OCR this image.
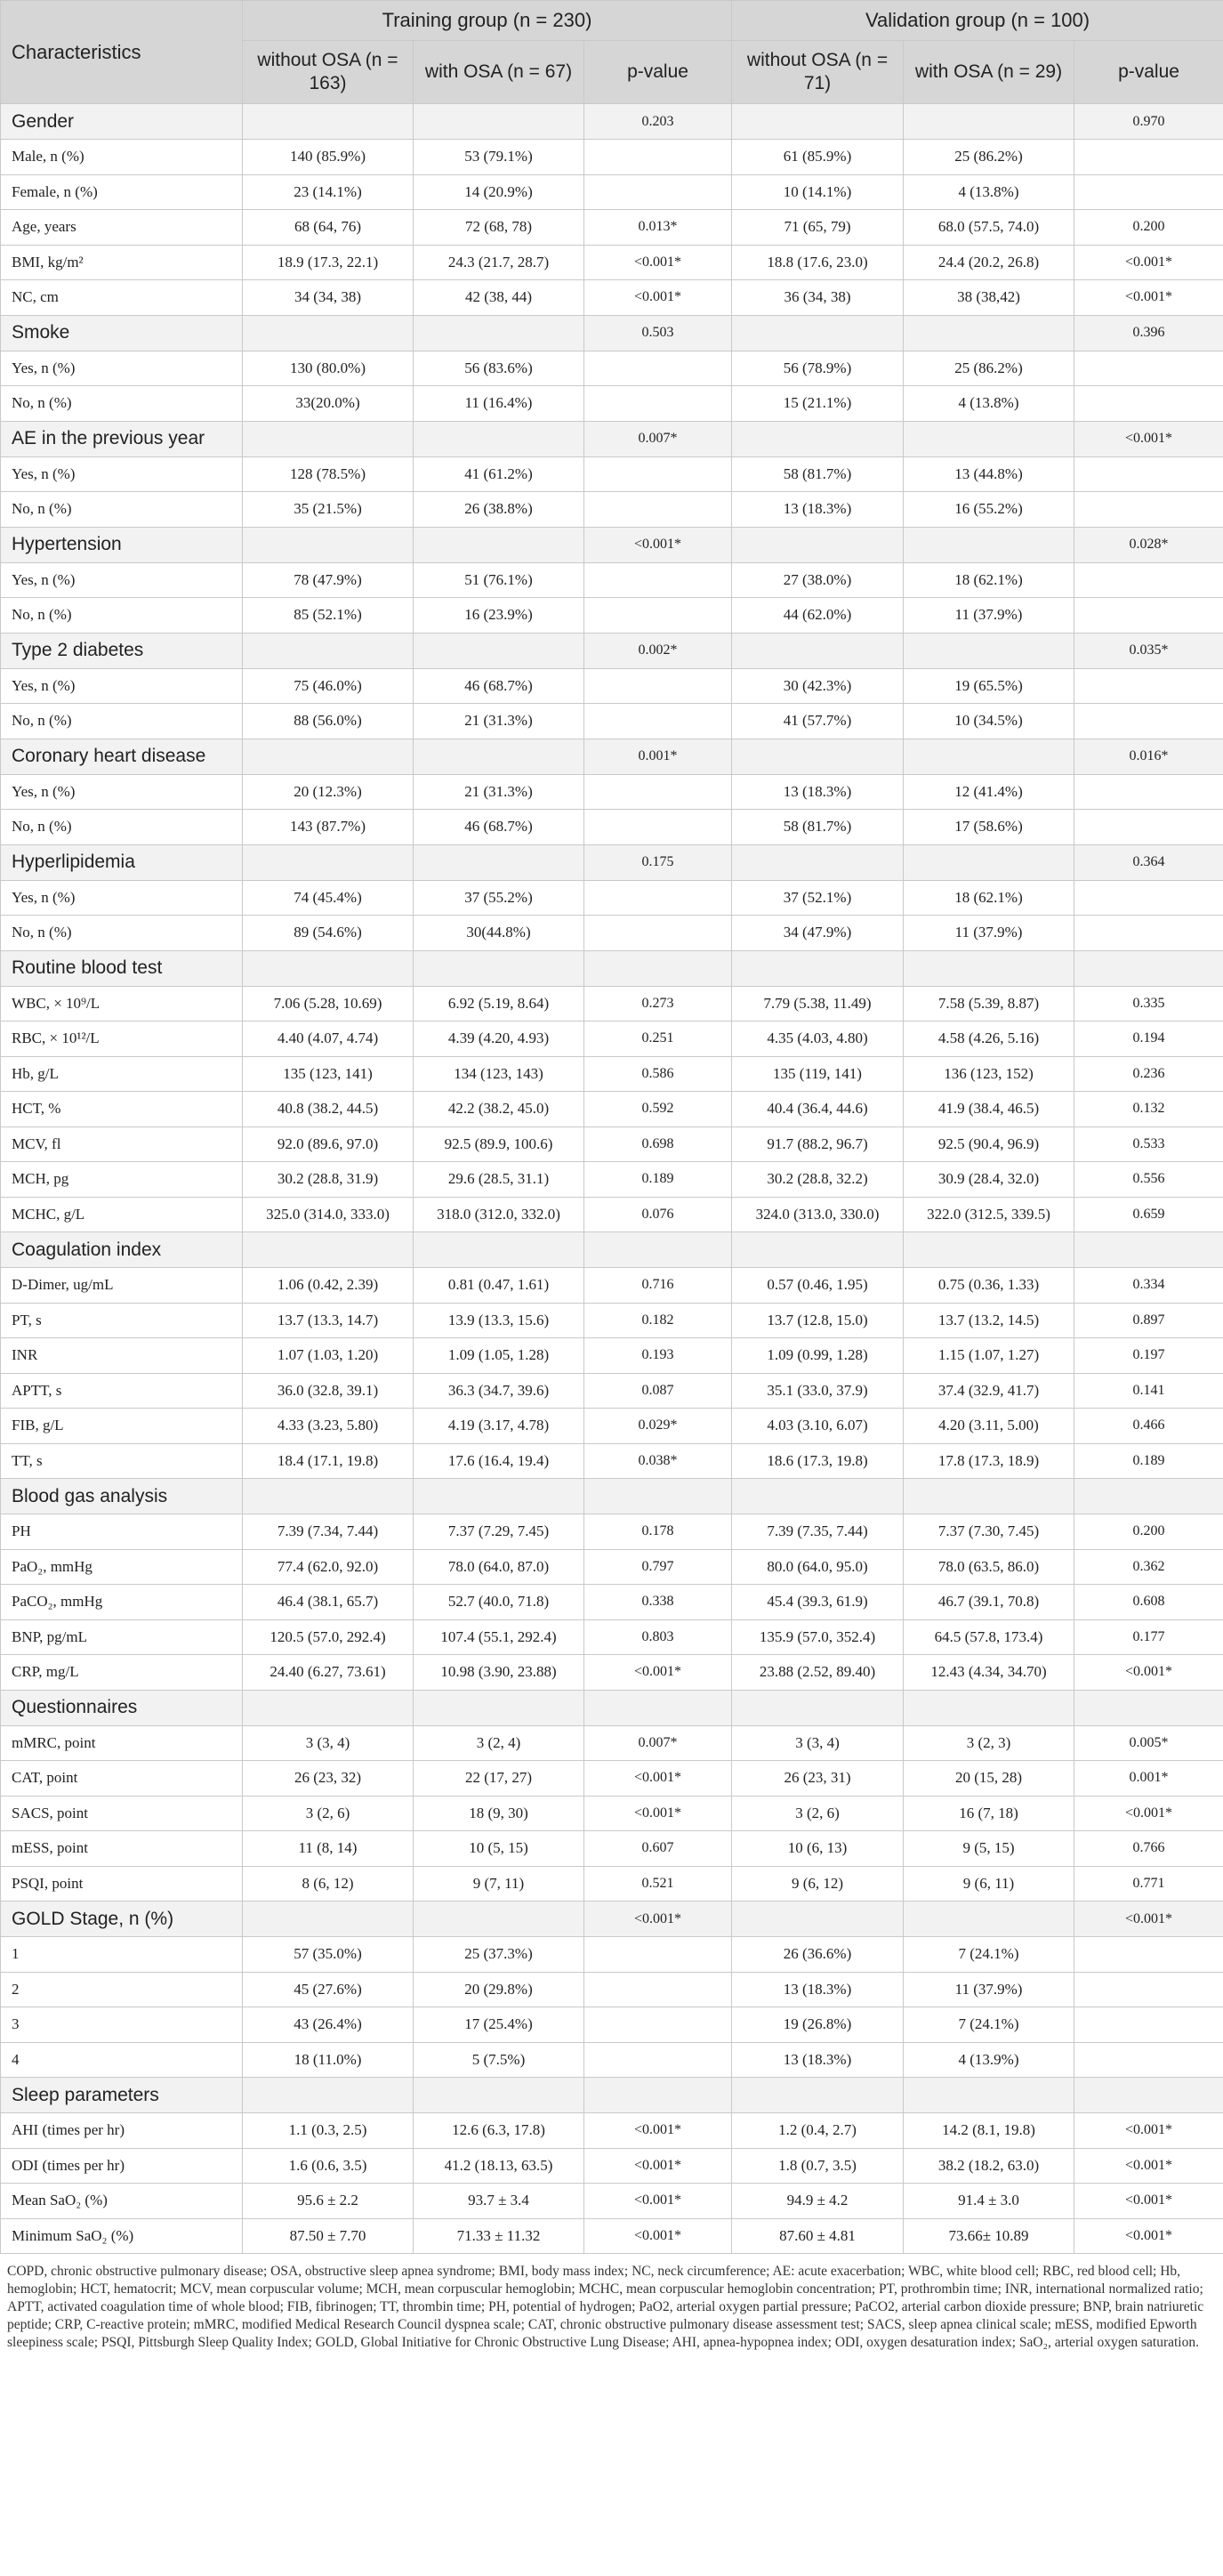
Characteristics	Training group (n = 230)			Validation group (n = 100)		
	without OSA (n = 163)	with OSA (n = 67)	p-value	without OSA (n = 71)	with OSA (n = 29)	p-value
Gender			0.203			0.970
Male, n (%)	140 (85.9%)	53 (79.1%)		61 (85.9%)	25 (86.2%)	
Female, n (%)	23 (14.1%)	14 (20.9%)		10 (14.1%)	4 (13.8%)	
Age, years	68 (64, 76)	72 (68, 78)	0.013*	71 (65, 79)	68.0 (57.5, 74.0)	0.200
BMI, kg/m²	18.9 (17.3, 22.1)	24.3 (21.7, 28.7)	<0.001*	18.8 (17.6, 23.0)	24.4 (20.2, 26.8)	<0.001*
NC, cm	34 (34, 38)	42 (38, 44)	<0.001*	36 (34, 38)	38 (38,42)	<0.001*
Smoke			0.503			0.396
Yes, n (%)	130 (80.0%)	56 (83.6%)		56 (78.9%)	25 (86.2%)	
No, n (%)	33(20.0%)	11 (16.4%)		15 (21.1%)	4 (13.8%)	
AE in the previous year			0.007*			<0.001*
Yes, n (%)	128 (78.5%)	41 (61.2%)		58 (81.7%)	13 (44.8%)	
No, n (%)	35 (21.5%)	26 (38.8%)		13 (18.3%)	16 (55.2%)	
Hypertension			<0.001*			0.028*
Yes, n (%)	78 (47.9%)	51 (76.1%)		27 (38.0%)	18 (62.1%)	
No, n (%)	85 (52.1%)	16 (23.9%)		44 (62.0%)	11 (37.9%)	
Type 2 diabetes			0.002*			0.035*
Yes, n (%)	75 (46.0%)	46 (68.7%)		30 (42.3%)	19 (65.5%)	
No, n (%)	88 (56.0%)	21 (31.3%)		41 (57.7%)	10 (34.5%)	
Coronary heart disease			0.001*			0.016*
Yes, n (%)	20 (12.3%)	21 (31.3%)		13 (18.3%)	12 (41.4%)	
No, n (%)	143 (87.7%)	46 (68.7%)		58 (81.7%)	17 (58.6%)	
Hyperlipidemia			0.175			0.364
Yes, n (%)	74 (45.4%)	37 (55.2%)		37 (52.1%)	18 (62.1%)	
No, n (%)	89 (54.6%)	30(44.8%)		34 (47.9%)	11 (37.9%)	
Routine blood test						
WBC, × 10⁹/L	7.06 (5.28, 10.69)	6.92 (5.19, 8.64)	0.273	7.79 (5.38, 11.49)	7.58 (5.39, 8.87)	0.335
RBC, × 10¹²/L	4.40 (4.07, 4.74)	4.39 (4.20, 4.93)	0.251	4.35 (4.03, 4.80)	4.58 (4.26, 5.16)	0.194
Hb, g/L	135 (123, 141)	134 (123, 143)	0.586	135 (119, 141)	136 (123, 152)	0.236
HCT, %	40.8 (38.2, 44.5)	42.2 (38.2, 45.0)	0.592	40.4 (36.4, 44.6)	41.9 (38.4, 46.5)	0.132
MCV, fl	92.0 (89.6, 97.0)	92.5 (89.9, 100.6)	0.698	91.7 (88.2, 96.7)	92.5 (90.4, 96.9)	0.533
MCH, pg	30.2 (28.8, 31.9)	29.6 (28.5, 31.1)	0.189	30.2 (28.8, 32.2)	30.9 (28.4, 32.0)	0.556
MCHC, g/L	325.0 (314.0, 333.0)	318.0 (312.0, 332.0)	0.076	324.0 (313.0, 330.0)	322.0 (312.5, 339.5)	0.659
Coagulation index						
D-Dimer, ug/mL	1.06 (0.42, 2.39)	0.81 (0.47, 1.61)	0.716	0.57 (0.46, 1.95)	0.75 (0.36, 1.33)	0.334
PT, s	13.7 (13.3, 14.7)	13.9 (13.3, 15.6)	0.182	13.7 (12.8, 15.0)	13.7 (13.2, 14.5)	0.897
INR	1.07 (1.03, 1.20)	1.09 (1.05, 1.28)	0.193	1.09 (0.99, 1.28)	1.15 (1.07, 1.27)	0.197
APTT, s	36.0 (32.8, 39.1)	36.3 (34.7, 39.6)	0.087	35.1 (33.0, 37.9)	37.4 (32.9, 41.7)	0.141
FIB, g/L	4.33 (3.23, 5.80)	4.19 (3.17, 4.78)	0.029*	4.03 (3.10, 6.07)	4.20 (3.11, 5.00)	0.466
TT, s	18.4 (17.1, 19.8)	17.6 (16.4, 19.4)	0.038*	18.6 (17.3, 19.8)	17.8 (17.3, 18.9)	0.189
Blood gas analysis						
PH	7.39 (7.34, 7.44)	7.37 (7.29, 7.45)	0.178	7.39 (7.35, 7.44)	7.37 (7.30, 7.45)	0.200
PaO₂, mmHg	77.4 (62.0, 92.0)	78.0 (64.0, 87.0)	0.797	80.0 (64.0, 95.0)	78.0 (63.5, 86.0)	0.362
PaCO₂, mmHg	46.4 (38.1, 65.7)	52.7 (40.0, 71.8)	0.338	45.4 (39.3, 61.9)	46.7 (39.1, 70.8)	0.608
BNP, pg/mL	120.5 (57.0, 292.4)	107.4 (55.1, 292.4)	0.803	135.9 (57.0, 352.4)	64.5 (57.8, 173.4)	0.177
CRP, mg/L	24.40 (6.27, 73.61)	10.98 (3.90, 23.88)	<0.001*	23.88 (2.52, 89.40)	12.43 (4.34, 34.70)	<0.001*
Questionnaires						
mMRC, point	3 (3, 4)	3 (2, 4)	0.007*	3 (3, 4)	3 (2, 3)	0.005*
CAT, point	26 (23, 32)	22 (17, 27)	<0.001*	26 (23, 31)	20 (15, 28)	0.001*
SACS, point	3 (2, 6)	18 (9, 30)	<0.001*	3 (2, 6)	16 (7, 18)	<0.001*
mESS, point	11 (8, 14)	10 (5, 15)	0.607	10 (6, 13)	9 (5, 15)	0.766
PSQI, point	8 (6, 12)	9 (7, 11)	0.521	9 (6, 12)	9 (6, 11)	0.771
GOLD Stage, n (%)			<0.001*			<0.001*
1	57 (35.0%)	25 (37.3%)		26 (36.6%)	7 (24.1%)	
2	45 (27.6%)	20 (29.8%)		13 (18.3%)	11 (37.9%)	
3	43 (26.4%)	17 (25.4%)		19 (26.8%)	7 (24.1%)	
4	18 (11.0%)	5 (7.5%)		13 (18.3%)	4 (13.9%)	
Sleep parameters						
AHI (times per hr)	1.1 (0.3, 2.5)	12.6 (6.3, 17.8)	<0.001*	1.2 (0.4, 2.7)	14.2 (8.1, 19.8)	<0.001*
ODI (times per hr)	1.6 (0.6, 3.5)	41.2 (18.13, 63.5)	<0.001*	1.8 (0.7, 3.5)	38.2 (18.2, 63.0)	<0.001*
Mean SaO₂ (%)	95.6 ± 2.2	93.7 ± 3.4	<0.001*	94.9 ± 4.2	91.4 ± 3.0	<0.001*
Minimum SaO₂ (%)	87.50 ± 7.70	71.33 ± 11.32	<0.001*	87.60 ± 4.81	73.66± 10.89	<0.001*
COPD, chronic obstructive pulmonary disease; OSA, obstructive sleep apnea syndrome; BMI, body mass index; NC, neck circumference; AE: acute exacerbation; WBC, white blood cell; RBC, red blood cell; Hb, hemoglobin; HCT, hematocrit; MCV, mean corpuscular volume; MCH, mean corpuscular hemoglobin; MCHC, mean corpuscular hemoglobin concentration; PT, prothrombin time; INR, international normalized ratio; APTT, activated coagulation time of whole blood; FIB, fibrinogen; TT, thrombin time; PH, potential of hydrogen; PaO2, arterial oxygen partial pressure; PaCO2, arterial carbon dioxide pressure; BNP, brain natriuretic peptide; CRP, C-reactive protein; mMRC, modified Medical Research Council dyspnea scale; CAT, chronic obstructive pulmonary disease assessment test; SACS, sleep apnea clinical scale; mESS, modified Epworth sleepiness scale; PSQI, Pittsburgh Sleep Quality Index; GOLD, Global Initiative for Chronic Obstructive Lung Disease; AHI, apnea-hypopnea index; ODI, oxygen desaturation index; SaO₂, arterial oxygen saturation.
